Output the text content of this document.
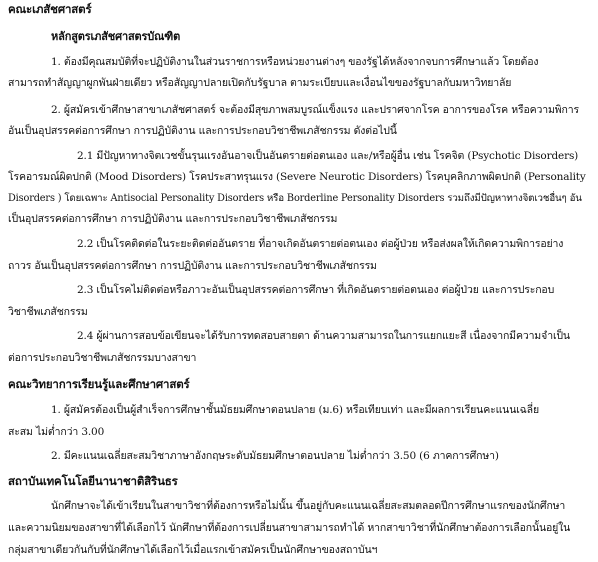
คณะเภสัชศาสตร์
หลักสูตรเภสัชศาสตรบัณฑิต
1. ต้องมีคุณสมบัติที่จะปฏิบัติงานในส่วนราชการหรือหน่วยงานต่างๆ ของรัฐได้หลังจากจบการศึกษาแล้ว โดยต้อง
สามารถทำสัญญาผูกพันฝ่ายเดียว หรือสัญญาปลายเปิดกับรัฐบาล ตามระเบียบและเงื่อนไขของรัฐบาลกับมหาวิทยาลัย
2. ผู้สมัครเข้าศึกษาสาขาเภสัชศาสตร์ จะต้องมีสุขภาพสมบูรณ์แข็งแรง และปราศจากโรค อาการของโรค หรือความพิการ
อันเป็นอุปสรรคต่อการศึกษา การปฏิบัติงาน และการประกอบวิชาชีพเภสัชกรรม ดังต่อไปนี้
2.1 มีปัญหาทางจิตเวชขั้นรุนแรงอันอาจเป็นอันตรายต่อตนเอง และ/หรือผู้อื่น เช่น โรคจิต (Psychotic Disorders)
โรคอารมณ์ผิดปกติ (Mood Disorders) โรคประสาทรุนแรง (Severe Neurotic Disorders) โรคบุคลิกภาพผิดปกติ (Personality
Disorders ) โดยเฉพาะ Antisocial Personality Disorders หรือ Borderline Personality Disorders รวมถึงมีปัญหาทางจิตเวชอื่นๆ อัน
เป็นอุปสรรคต่อการศึกษา การปฏิบัติงาน และการประกอบวิชาชีพเภสัชกรรม
2.2 เป็นโรคติดต่อในระยะติดต่ออันตราย ที่อาจเกิดอันตรายต่อตนเอง ต่อผู้ป่วย หรือส่งผลให้เกิดความพิการอย่าง
ถาวร อันเป็นอุปสรรคต่อการศึกษา การปฏิบัติงาน และการประกอบวิชาชีพเภสัชกรรม
2.3 เป็นโรคไม่ติดต่อหรือภาวะอันเป็นอุปสรรคต่อการศึกษา ที่เกิดอันตรายต่อตนเอง ต่อผู้ป่วย และการประกอบ
วิชาชีพเภสัชกรรม
2.4 ผู้ผ่านการสอบข้อเขียนจะได้รับการทดสอบสายตา ด้านความสามารถในการแยกแยะสี เนื่องจากมีความจำเป็น
ต่อการประกอบวิชาชีพเภสัชกรรมบางสาขา
คณะวิทยาการเรียนรู้และศึกษาศาสตร์
1. ผู้สมัครต้องเป็นผู้สำเร็จการศึกษาชั้นมัธยมศึกษาตอนปลาย (ม.6) หรือเทียบเท่า และมีผลการเรียนคะแนนเฉลี่ย
สะสม ไม่ต่ำกว่า 3.00
2. มีคะแนนเฉลี่ยสะสมวิชาภาษาอังกฤษระดับมัธยมศึกษาตอนปลาย ไม่ต่ำกว่า 3.50 (6 ภาคการศึกษา)
สถาบันเทคโนโลยีนานาชาติสิรินธร
นักศึกษาจะได้เข้าเรียนในสาขาวิชาที่ต้องการหรือไม่นั้น ขึ้นอยู่กับคะแนนเฉลี่ยสะสมตลอดปีการศึกษาแรกของนักศึกษา
และความนิยมของสาขาที่ได้เลือกไว้ นักศึกษาที่ต้องการเปลี่ยนสาขาสามารถทำได้ หากสาขาวิชาที่นักศึกษาต้องการเลือกนั้นอยู่ใน
กลุ่มสาขาเดียวกันกับที่นักศึกษาได้เลือกไว้เมื่อแรกเข้าสมัครเป็นนักศึกษาของสถาบันฯ
